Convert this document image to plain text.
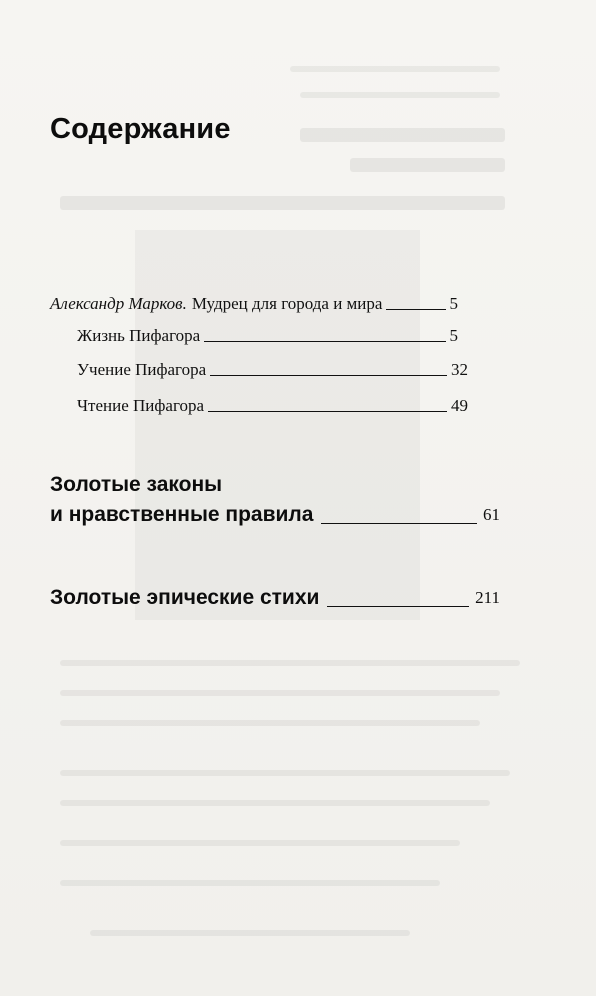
Содержание
Александр Марков. Мудрец для города и мира	5
Жизнь Пифагора	5
Учение Пифагора	32
Чтение Пифагора	49
Золотые законы
и нравственные правила	61
Золотые эпические стихи	211
